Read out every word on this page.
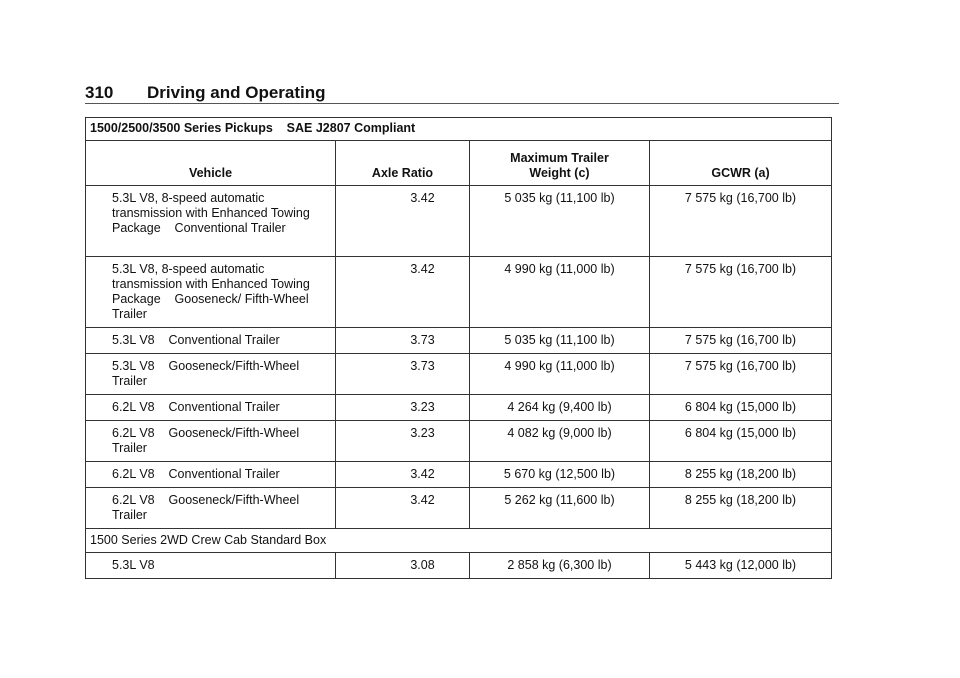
310 Driving and Operating
1500/2500/3500 Series Pickups    SAE J2807 Compliant			
Vehicle	Axle Ratio	Maximum Trailer Weight (c)	GCWR (a)
5.3L V8, 8-speed automatic transmission with Enhanced Towing Package    Conventional Trailer	3.42	5 035 kg (11,100 lb)	7 575 kg (16,700 lb)
5.3L V8, 8-speed automatic transmission with Enhanced Towing Package    Gooseneck/ Fifth-Wheel Trailer	3.42	4 990 kg (11,000 lb)	7 575 kg (16,700 lb)
5.3L V8    Conventional Trailer	3.73	5 035 kg (11,100 lb)	7 575 kg (16,700 lb)
5.3L V8    Gooseneck/Fifth-Wheel Trailer	3.73	4 990 kg (11,000 lb)	7 575 kg (16,700 lb)
6.2L V8    Conventional Trailer	3.23	4 264 kg (9,400 lb)	6 804 kg (15,000 lb)
6.2L V8    Gooseneck/Fifth-Wheel Trailer	3.23	4 082 kg (9,000 lb)	6 804 kg (15,000 lb)
6.2L V8    Conventional Trailer	3.42	5 670 kg (12,500 lb)	8 255 kg (18,200 lb)
6.2L V8    Gooseneck/Fifth-Wheel Trailer	3.42	5 262 kg (11,600 lb)	8 255 kg (18,200 lb)
1500 Series 2WD Crew Cab Standard Box			
5.3L V8	3.08	2 858 kg (6,300 lb)	5 443 kg (12,000 lb)
